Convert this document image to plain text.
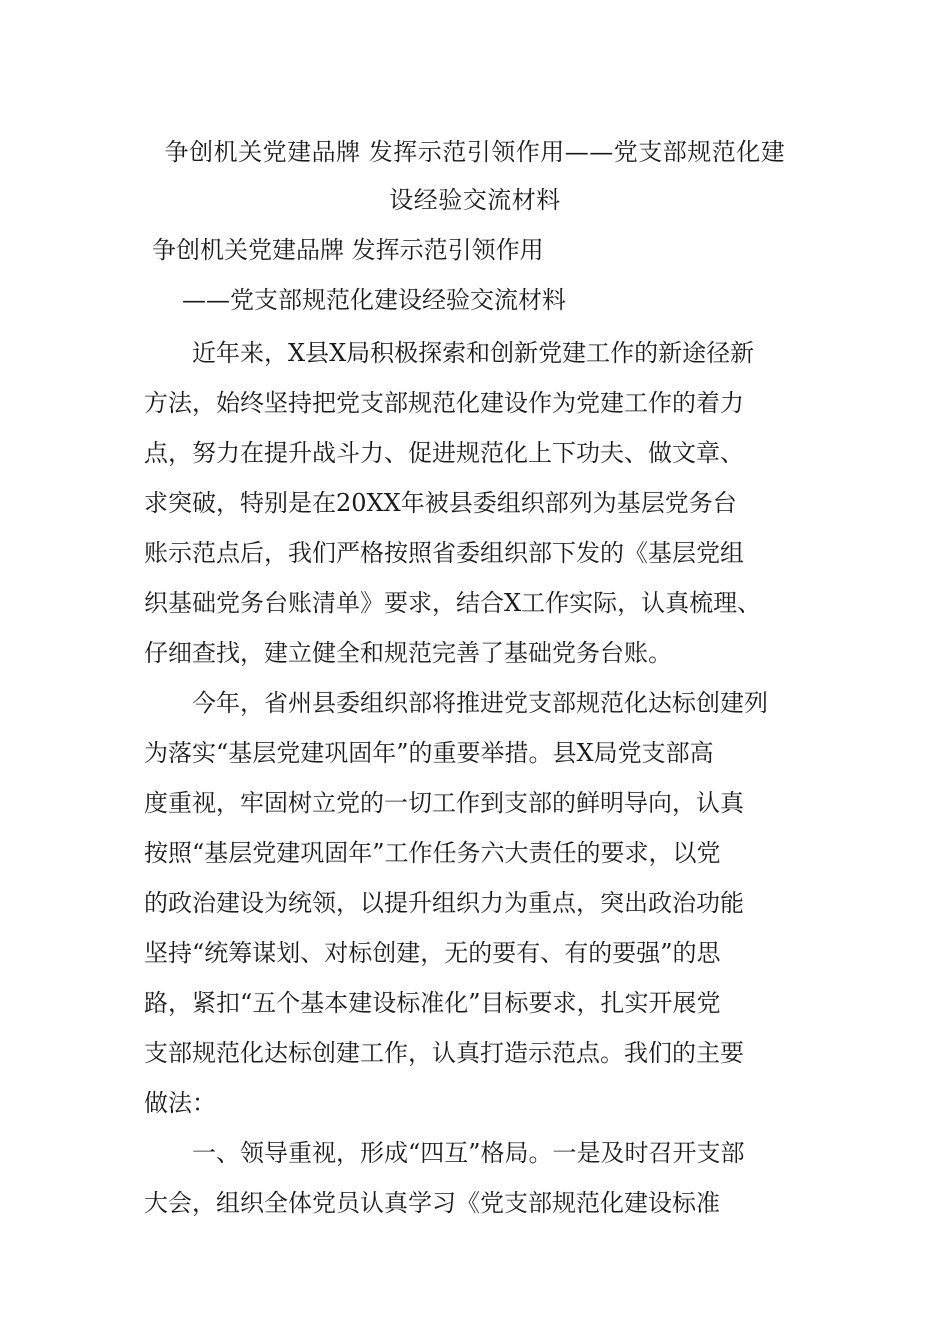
争创机关党建品牌 发挥示范引领作用——党支部规范化建
设经验交流材料

争创机关党建品牌 发挥示范引领作用

——党支部规范化建设经验交流材料

近年来，X县X局积极探索和创新党建工作的新途径新

方法，始终坚持把党支部规范化建设作为党建工作的着力

点，努力在提升战斗力、促进规范化上下功夫、做文章、

求突破，特别是在20XX年被县委组织部列为基层党务台

账示范点后，我们严格按照省委组织部下发的《基层党组

织基础党务台账清单》要求，结合X工作实际，认真梳理、

仔细查找，建立健全和规范完善了基础党务台账。

今年，省州县委组织部将推进党支部规范化达标创建列

为落实“基层党建巩固年”的重要举措。县X局党支部高

度重视，牢固树立党的一切工作到支部的鲜明导向，认真

按照“基层党建巩固年”工作任务六大责任的要求，以党

的政治建设为统领，以提升组织力为重点，突出政治功能

坚持“统筹谋划、对标创建，无的要有、有的要强”的思

路，紧扣“五个基本建设标准化”目标要求，扎实开展党

支部规范化达标创建工作，认真打造示范点。我们的主要

做法：

一、领导重视，形成“四互”格局。一是及时召开支部

大会，组织全体党员认真学习《党支部规范化建设标准
